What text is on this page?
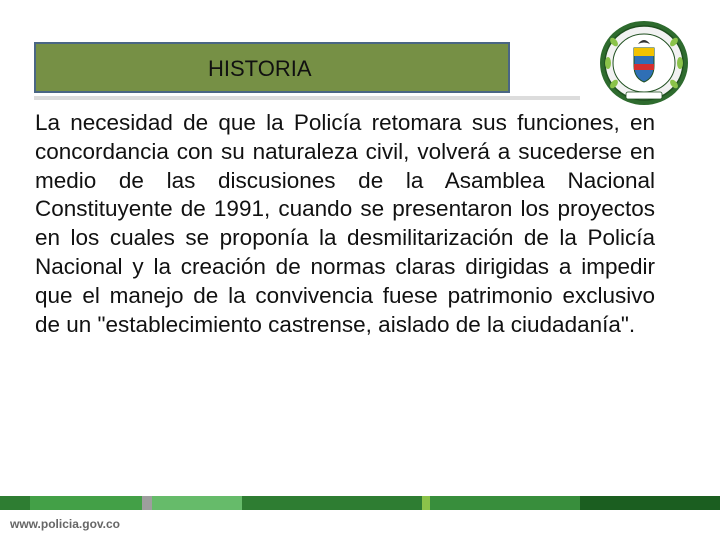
HISTORIA
La necesidad de que la Policía retomara sus funciones, en concordancia con su naturaleza civil, volverá a sucederse en medio de las discusiones de la Asamblea Nacional Constituyente de 1991, cuando se presentaron los proyectos en los cuales se proponía la desmilitarización de la Policía Nacional y la creación de normas claras dirigidas a impedir que el manejo de la convivencia fuese patrimonio exclusivo de un "establecimiento castrense, aislado de la ciudadanía".
www.policia.gov.co
